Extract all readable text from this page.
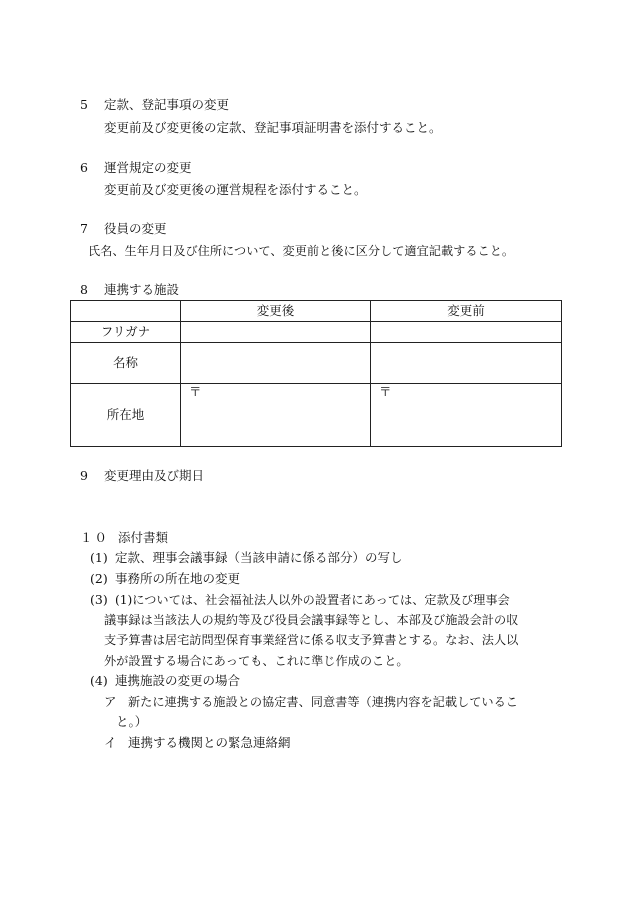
5 定款、登記事項の変更
変更前及び変更後の定款、登記事項証明書を添付すること。
6 運営規定の変更
変更前及び変更後の運営規程を添付すること。
7 役員の変更
氏名、生年月日及び住所について、変更前と後に区分して適宜記載すること。
8 連携する施設
	変更後	変更前
フリガナ		
名称		
所在地	〒	〒
9 変更理由及び期日
１０ 添付書類
(1) 定款、理事会議事録（当該申請に係る部分）の写し
(2) 事務所の所在地の変更
(3) (1)については、社会福祉法人以外の設置者にあっては、定款及び理事会
議事録は当該法人の規約等及び役員会議事録等とし、本部及び施設会計の収
支予算書は居宅訪問型保育事業経営に係る収支予算書とする。なお、法人以
外が設置する場合にあっても、これに準じ作成のこと。
(4) 連携施設の変更の場合
ア 新たに連携する施設との協定書、同意書等（連携内容を記載しているこ
と。）
イ 連携する機関との緊急連絡網
